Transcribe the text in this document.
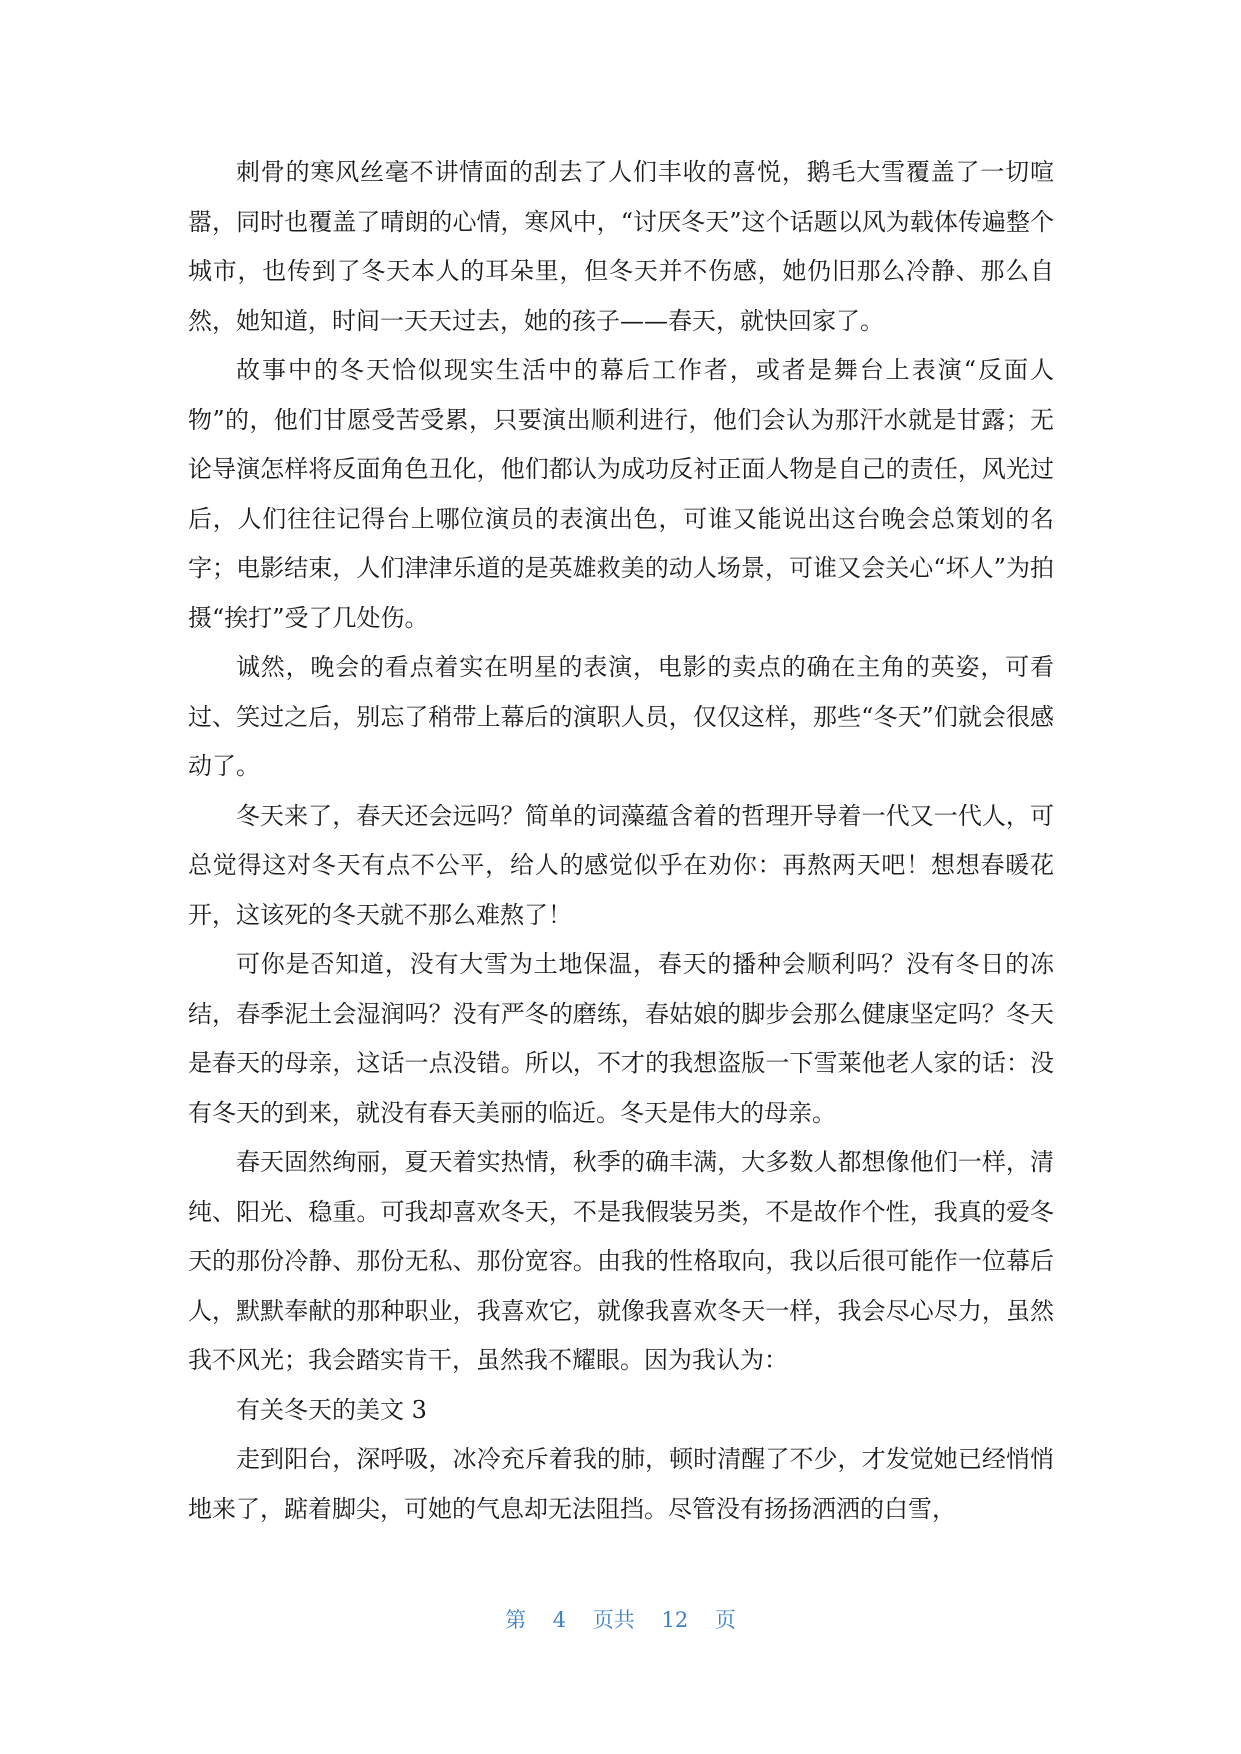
刺骨的寒风丝毫不讲情面的刮去了人们丰收的喜悦，鹅毛大雪覆盖了一切喧嚣，同时也覆盖了晴朗的心情，寒风中，“讨厌冬天”这个话题以风为载体传遍整个城市，也传到了冬天本人的耳朵里，但冬天并不伤感，她仍旧那么冷静、那么自然，她知道，时间一天天过去，她的孩子——春天，就快回家了。

故事中的冬天恰似现实生活中的幕后工作者，或者是舞台上表演“反面人物”的，他们甘愿受苦受累，只要演出顺利进行，他们会认为那汗水就是甘露；无论导演怎样将反面角色丑化，他们都认为成功反衬正面人物是自己的责任，风光过后，人们往往记得台上哪位演员的表演出色，可谁又能说出这台晚会总策划的名字；电影结束，人们津津乐道的是英雄救美的动人场景，可谁又会关心“坏人”为拍摄“挨打”受了几处伤。

诚然，晚会的看点着实在明星的表演，电影的卖点的确在主角的英姿，可看过、笑过之后，别忘了稍带上幕后的演职人员，仅仅这样，那些“冬天”们就会很感动了。

冬天来了，春天还会远吗？简单的词藻蕴含着的哲理开导着一代又一代人，可总觉得这对冬天有点不公平，给人的感觉似乎在劝你：再熬两天吧！想想春暖花开，这该死的冬天就不那么难熬了！

可你是否知道，没有大雪为土地保温，春天的播种会顺利吗？没有冬日的冻结，春季泥土会湿润吗？没有严冬的磨练，春姑娘的脚步会那么健康坚定吗？冬天是春天的母亲，这话一点没错。所以，不才的我想盗版一下雪莱他老人家的话：没有冬天的到来，就没有春天美丽的临近。冬天是伟大的母亲。

春天固然绚丽，夏天着实热情，秋季的确丰满，大多数人都想像他们一样，清纯、阳光、稳重。可我却喜欢冬天，不是我假装另类，不是故作个性，我真的爱冬天的那份冷静、那份无私、那份宽容。由我的性格取向，我以后很可能作一位幕后人，默默奉献的那种职业，我喜欢它，就像我喜欢冬天一样，我会尽心尽力，虽然我不风光；我会踏实肯干，虽然我不耀眼。因为我认为：

有关冬天的美文 3

走到阳台，深呼吸，冰冷充斥着我的肺，顿时清醒了不少，才发觉她已经悄悄地来了，踮着脚尖，可她的气息却无法阻挡。尽管没有扬扬洒洒的白雪，

第 4 页共 12 页
